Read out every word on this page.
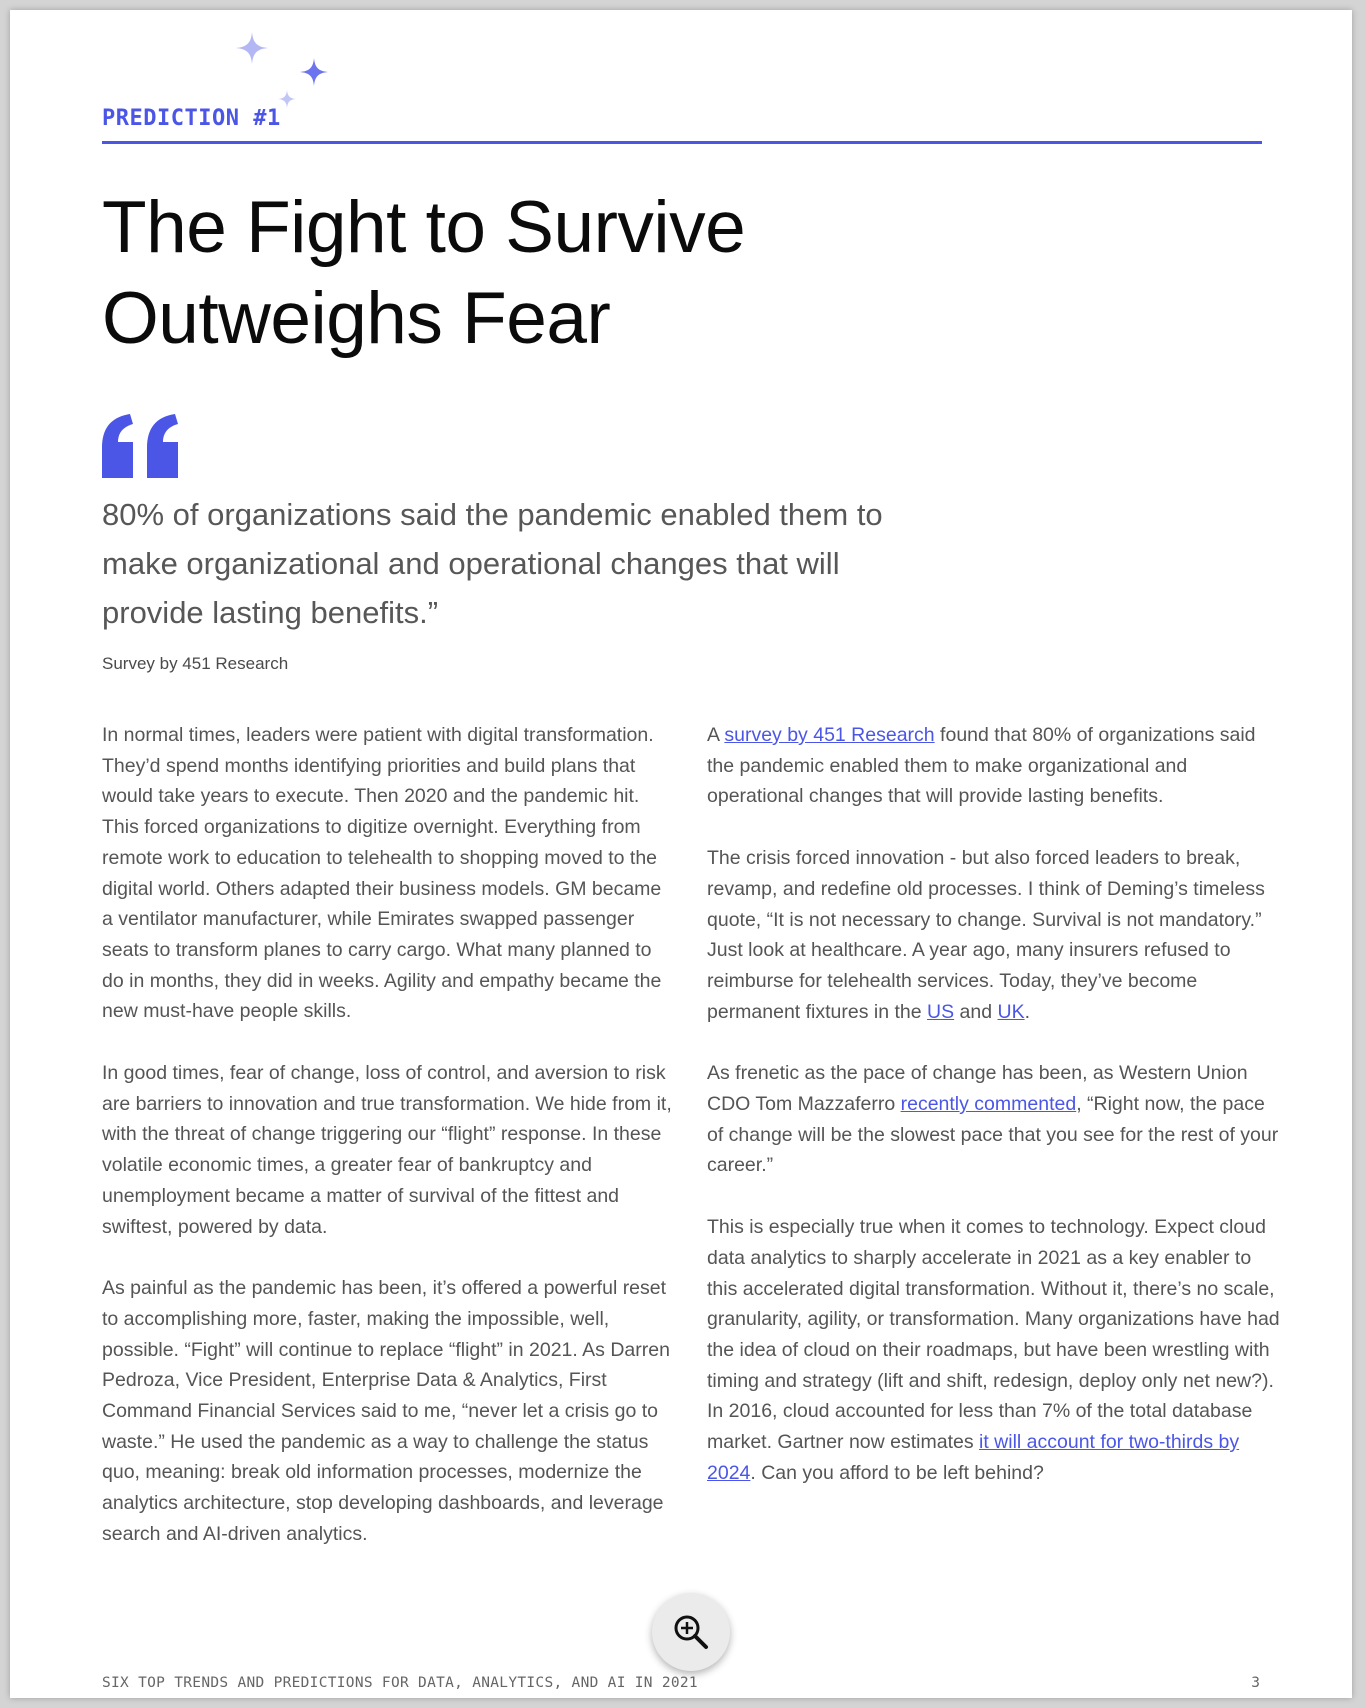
PREDICTION #1
The Fight to Survive
Outweighs Fear

80% of organizations said the pandemic enabled them to make organizational and operational changes that will provide lasting benefits.”

Survey by 451 Research

In normal times, leaders were patient with digital transformation. They’d spend months identifying priorities and build plans that would take years to execute. Then 2020 and the pandemic hit. This forced organizations to digitize overnight. Everything from remote work to education to telehealth to shopping moved to the digital world. Others adapted their business models. GM became a ventilator manufacturer, while Emirates swapped passenger seats to transform planes to carry cargo. What many planned to do in months, they did in weeks. Agility and empathy became the new must-have people skills.

In good times, fear of change, loss of control, and aversion to risk are barriers to innovation and true transformation. We hide from it, with the threat of change triggering our “flight” response. In these volatile economic times, a greater fear of bankruptcy and unemployment became a matter of survival of the fittest and swiftest, powered by data.

As painful as the pandemic has been, it’s offered a powerful reset to accomplishing more, faster, making the impossible, well, possible. “Fight” will continue to replace “flight” in 2021. As Darren Pedroza, Vice President, Enterprise Data & Analytics, First Command Financial Services said to me, “never let a crisis go to waste.” He used the pandemic as a way to challenge the status quo, meaning: break old information processes, modernize the analytics architecture, stop developing dashboards, and leverage search and AI-driven analytics.

A survey by 451 Research found that 80% of organizations said the pandemic enabled them to make organizational and operational changes that will provide lasting benefits.

The crisis forced innovation - but also forced leaders to break, revamp, and redefine old processes. I think of Deming’s timeless quote, “It is not necessary to change. Survival is not mandatory.” Just look at healthcare. A year ago, many insurers refused to reimburse for telehealth services. Today, they’ve become permanent fixtures in the US and UK.

As frenetic as the pace of change has been, as Western Union CDO Tom Mazzaferro recently commented, “Right now, the pace of change will be the slowest pace that you see for the rest of your career.”

This is especially true when it comes to technology. Expect cloud data analytics to sharply accelerate in 2021 as a key enabler to this accelerated digital transformation. Without it, there’s no scale, granularity, agility, or transformation. Many organizations have had the idea of cloud on their roadmaps, but have been wrestling with timing and strategy (lift and shift, redesign, deploy only net new?). In 2016, cloud accounted for less than 7% of the total database market. Gartner now estimates it will account for two-thirds by 2024. Can you afford to be left behind?

SIX TOP TRENDS AND PREDICTIONS FOR DATA, ANALYTICS, AND AI IN 2021	3
